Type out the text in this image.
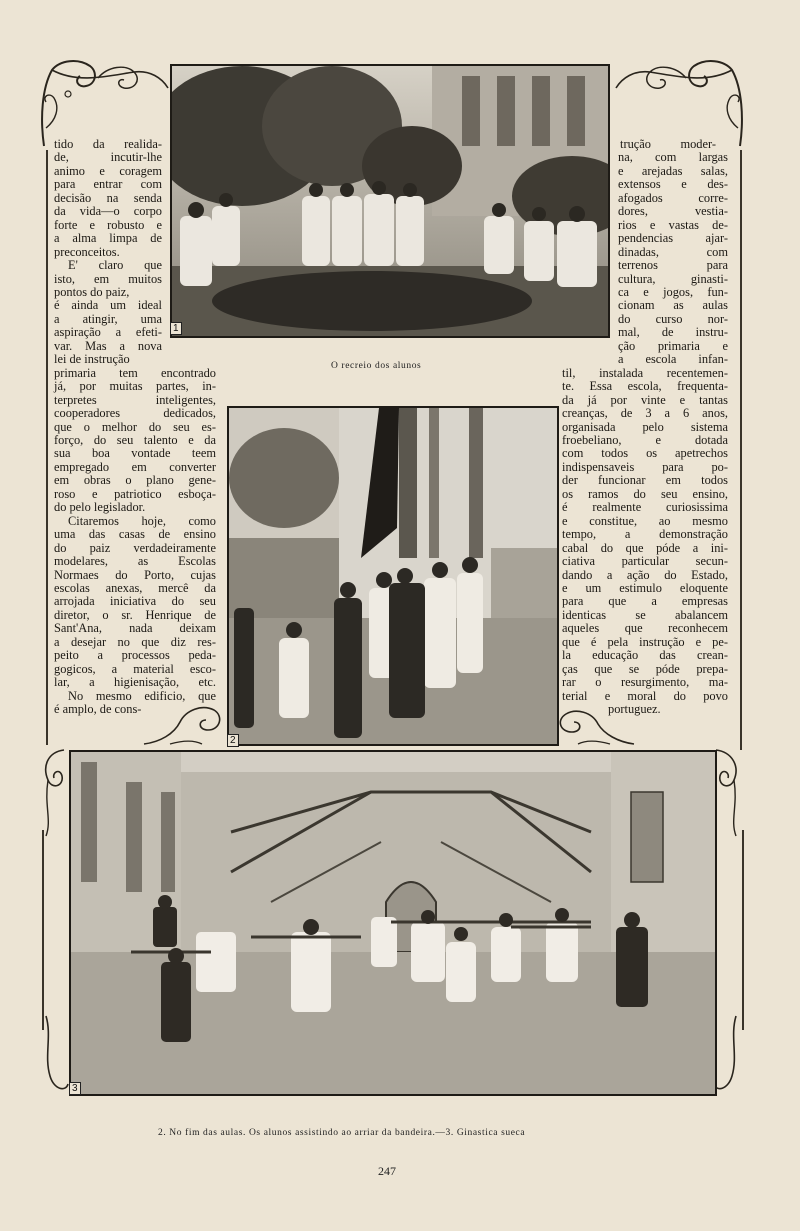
1
2
3
tido da realida-
de, incutir-lhe
animo e coragem
para entrar com
decisão na senda
da vida—o corpo
forte e robusto e
a alma limpa de
preconceitos.
E' claro que
isto, em muitos
pontos do paiz,
é ainda um ideal
a atingir, uma
aspiração a efeti-
var. Mas a nova
lei de instrução
primaria tem encontrado
já, por muitas partes, in-
terpretes inteligentes,
cooperadores dedicados,
que o melhor do seu es-
forço, do seu talento e da
sua boa vontade teem
empregado em converter
em obras o plano gene-
roso e patriotico esboça-
do pelo legislador.
Citaremos hoje, como
uma das casas de ensino
do paiz verdadeiramente
modelares, as Escolas
Normaes do Porto, cujas
escolas anexas, mercê da
arrojada iniciativa do seu
diretor, o sr. Henrique de
Sant'Ana, nada deixam
a desejar no que diz res-
peito a processos peda-
gogicos, a material esco-
lar, a higienisação, etc.
No mesmo edificio, que
é amplo, de cons-
trução moder-
na, com largas
e arejadas salas,
extensos e des-
afogados corre-
dores, vestia-
rios e vastas de-
pendencias ajar-
dinadas, com
terrenos para
cultura, ginasti-
ca e jogos, fun-
cionam as aulas
do curso nor-
mal, de instru-
ção primaria e
a escola infan-
til, instalada recentemen-
te. Essa escola, frequenta-
da já por vinte e tantas
creanças, de 3 a 6 anos,
organisada pelo sistema
froebeliano, e dotada
com todos os apetrechos
indispensaveis para po-
der funcionar em todos
os ramos do seu ensino,
é realmente curiosissima
e constitue, ao mesmo
tempo, a demonstração
cabal do que póde a ini-
ciativa particular secun-
dando a ação do Estado,
e um estimulo eloquente
para que a empresas
identicas se abalancem
aqueles que reconhecem
que é pela instrução e pe-
la educação das crean-
ças que se póde prepa-
rar o resurgimento, ma-
terial e moral do povo
portuguez.
O recreio dos alunos
2. No fim das aulas. Os alunos assistindo ao arriar da bandeira.—3. Ginastica sueca
247
